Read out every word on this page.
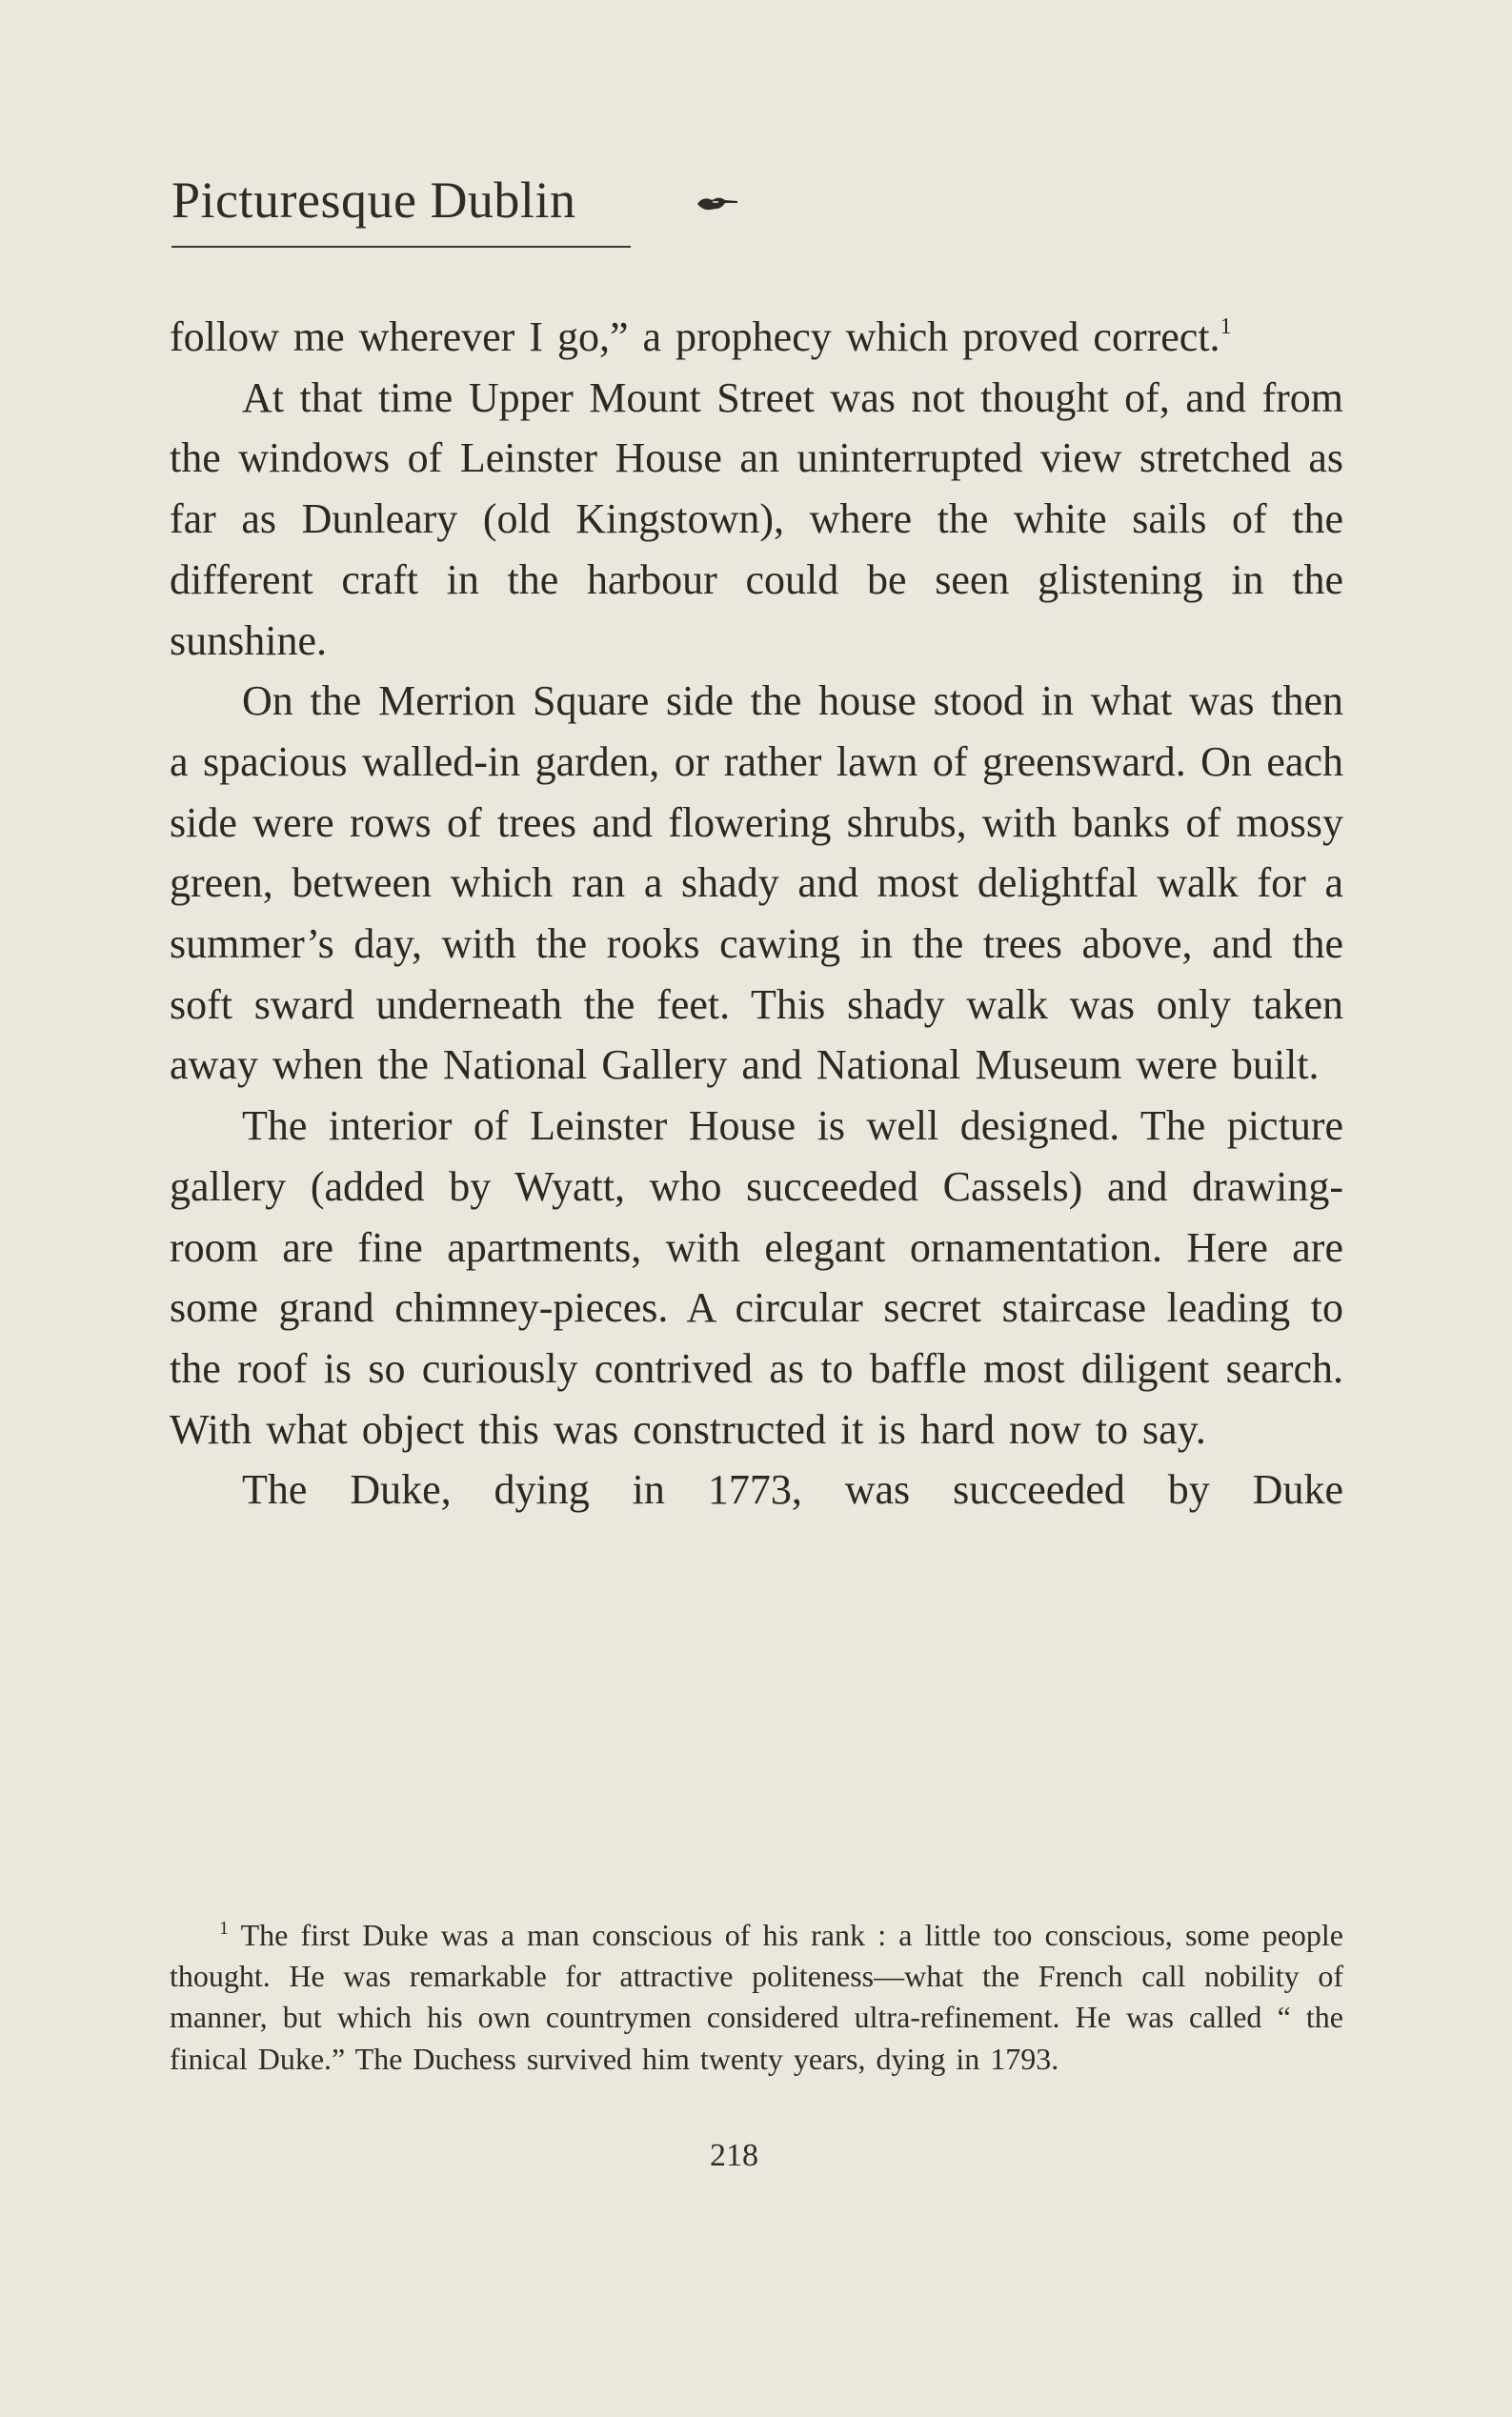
Picturesque Dublin

follow me wherever I go,” a prophecy which proved correct.$^1$

At that time Upper Mount Street was not thought of, and from the windows of Leinster House an uninterrupted view stretched as far as Dunleary (old Kingstown), where the white sails of the different craft in the harbour could be seen glistening in the sunshine.

On the Merrion Square side the house stood in what was then a spacious walled-in garden, or rather lawn of greensward. On each side were rows of trees and flowering shrubs, with banks of mossy green, between which ran a shady and most delightfal walk for a summer’s day, with the rooks cawing in the trees above, and the soft sward underneath the feet. This shady walk was only taken away when the National Gallery and National Museum were built.

The interior of Leinster House is well designed. The picture gallery (added by Wyatt, who succeeded Cassels) and drawing-room are fine apartments, with elegant ornamentation. Here are some grand chimney-pieces. A circular secret staircase leading to the roof is so curiously contrived as to baffle most diligent search. With what object this was constructed it is hard now to say.

The Duke, dying in 1773, was succeeded by Duke

$^1$ The first Duke was a man conscious of his rank : a little too conscious, some people thought. He was remarkable for attractive politeness—what the French call nobility of manner, but which his own countrymen considered ultra-refinement. He was called “ the finical Duke.” The Duchess survived him twenty years, dying in 1793.

218
